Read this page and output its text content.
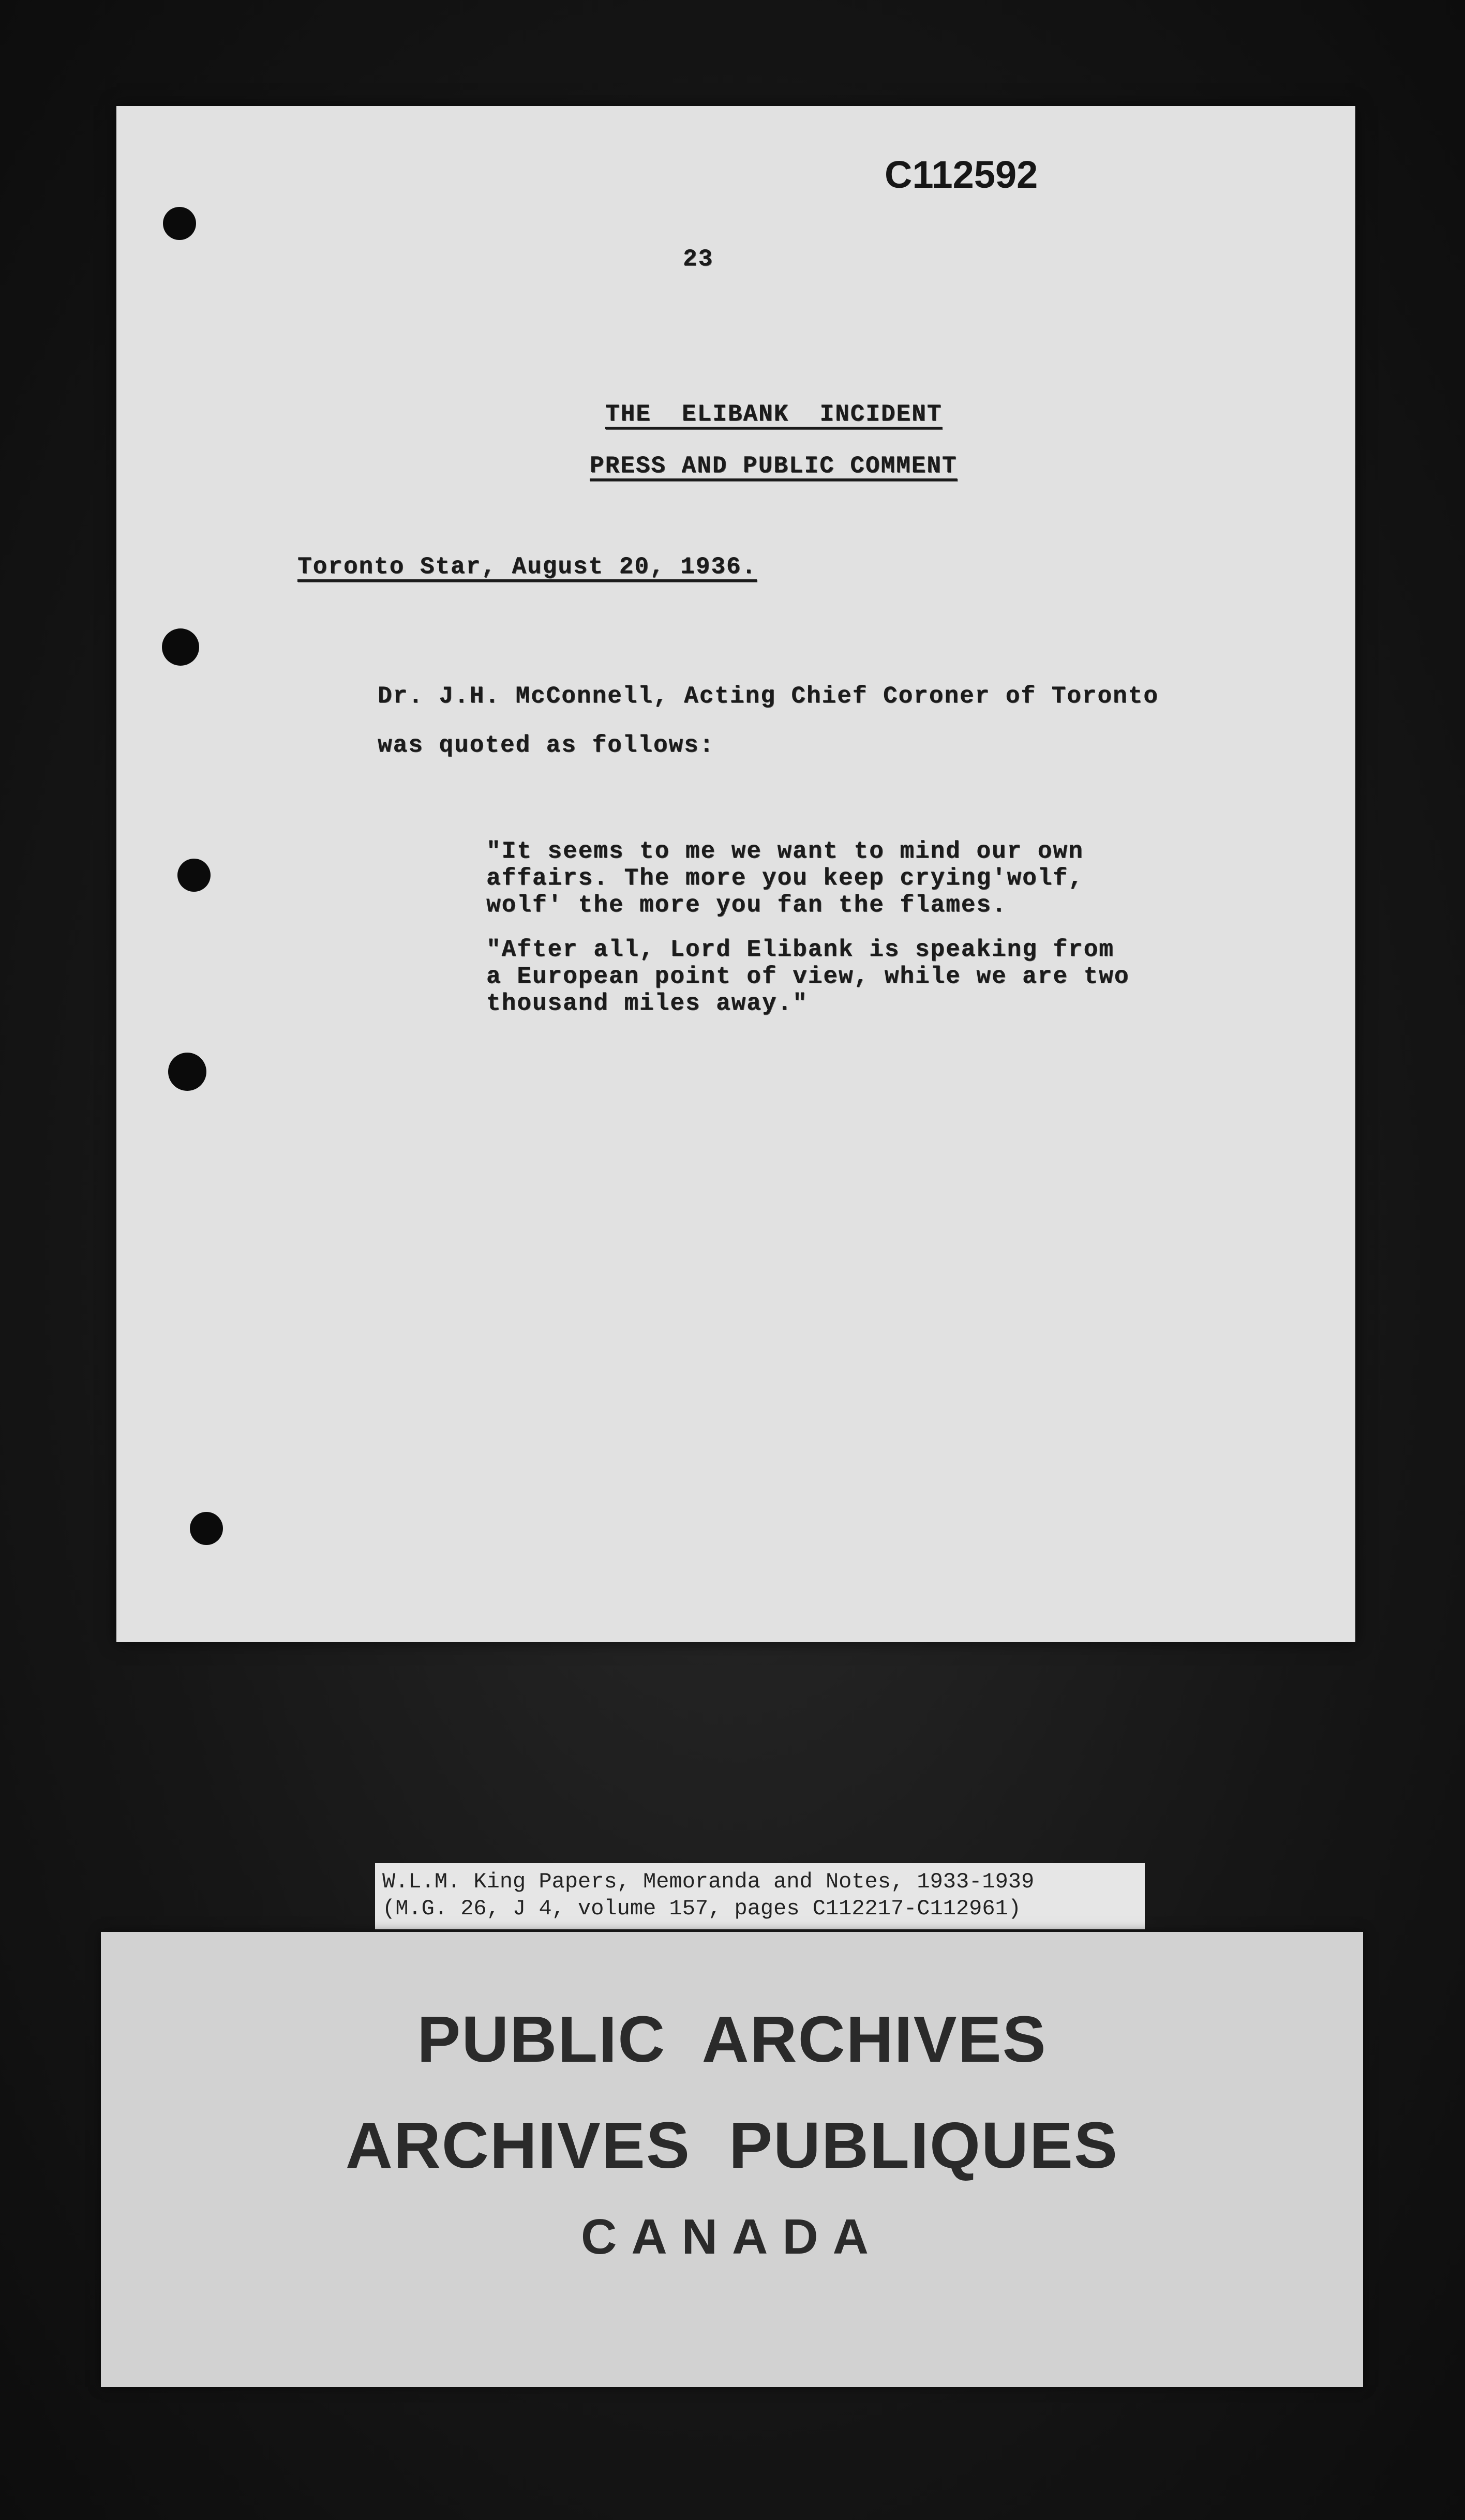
C112592
23
THE  ELIBANK  INCIDENT
PRESS AND PUBLIC COMMENT
Toronto Star, August 20, 1936.
Dr. J.H. McConnell, Acting Chief Coroner of Toronto
was quoted as follows:
"It seems to me we want to mind our own
affairs. The more you keep crying'wolf,
wolf' the more you fan the flames.
"After all, Lord Elibank is speaking from
a European point of view, while we are two
thousand miles away."
W.L.M. King Papers, Memoranda and Notes, 1933-1939
(M.G. 26, J 4, volume 157, pages C112217-C112961)
PUBLIC  ARCHIVES
ARCHIVES  PUBLIQUES
CANADA
